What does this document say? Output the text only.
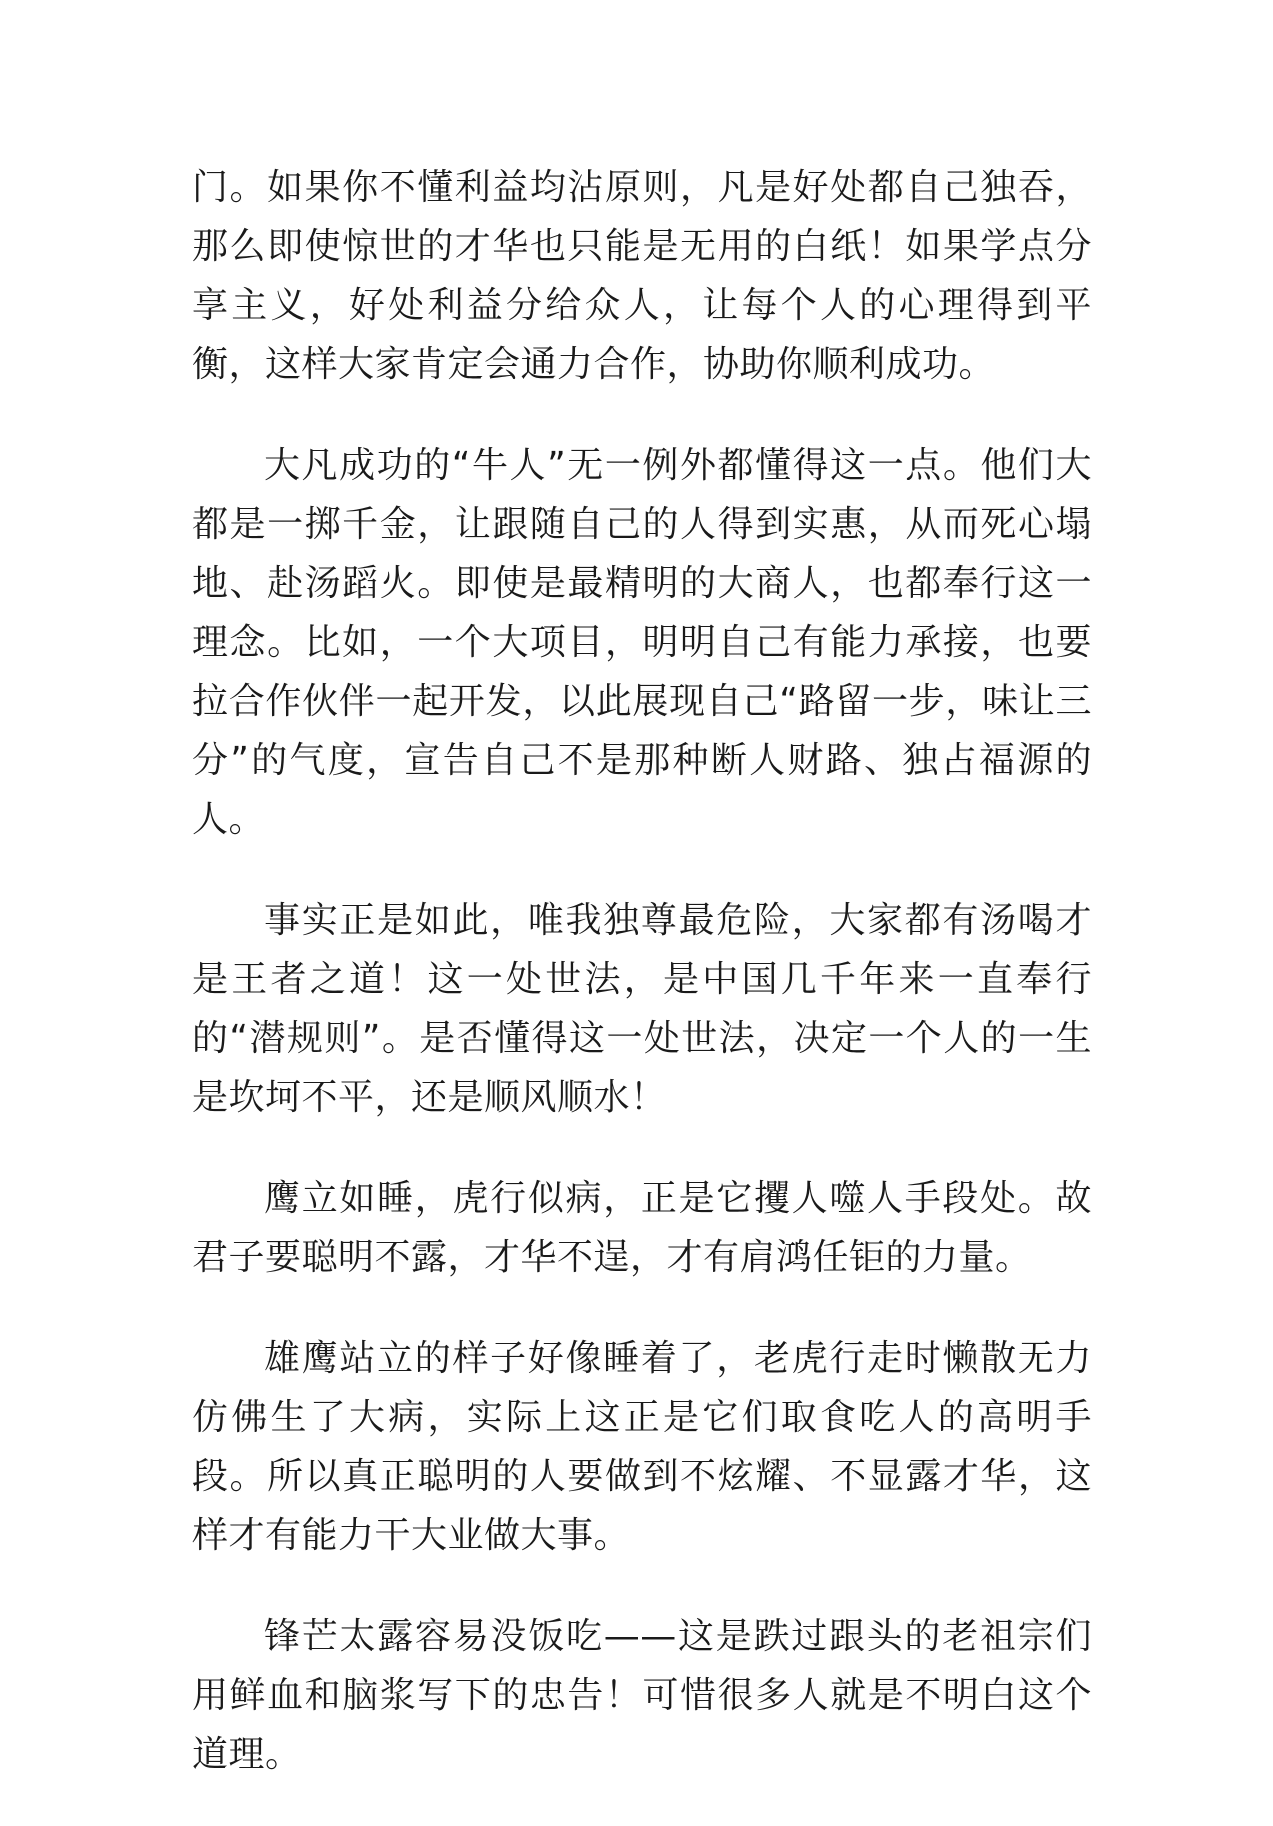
门。如果你不懂利益均沾原则，凡是好处都自己独吞，那么即使惊世的才华也只能是无用的白纸！如果学点分享主义，好处利益分给众人，让每个人的心理得到平衡，这样大家肯定会通力合作，协助你顺利成功。

大凡成功的“牛人”无一例外都懂得这一点。他们大都是一掷千金，让跟随自己的人得到实惠，从而死心塌地、赴汤蹈火。即使是最精明的大商人，也都奉行这一理念。比如，一个大项目，明明自己有能力承接，也要拉合作伙伴一起开发，以此展现自己“路留一步，味让三分”的气度，宣告自己不是那种断人财路、独占福源的人。

事实正是如此，唯我独尊最危险，大家都有汤喝才是王者之道！这一处世法，是中国几千年来一直奉行的“潜规则”。是否懂得这一处世法，决定一个人的一生是坎坷不平，还是顺风顺水！

鹰立如睡，虎行似病，正是它攫人噬人手段处。故君子要聪明不露，才华不逞，才有肩鸿任钜的力量。

雄鹰站立的样子好像睡着了，老虎行走时懒散无力仿佛生了大病，实际上这正是它们取食吃人的高明手段。所以真正聪明的人要做到不炫耀、不显露才华，这样才有能力干大业做大事。

锋芒太露容易没饭吃——这是跌过跟头的老祖宗们用鲜血和脑浆写下的忠告！可惜很多人就是不明白这个道理。
